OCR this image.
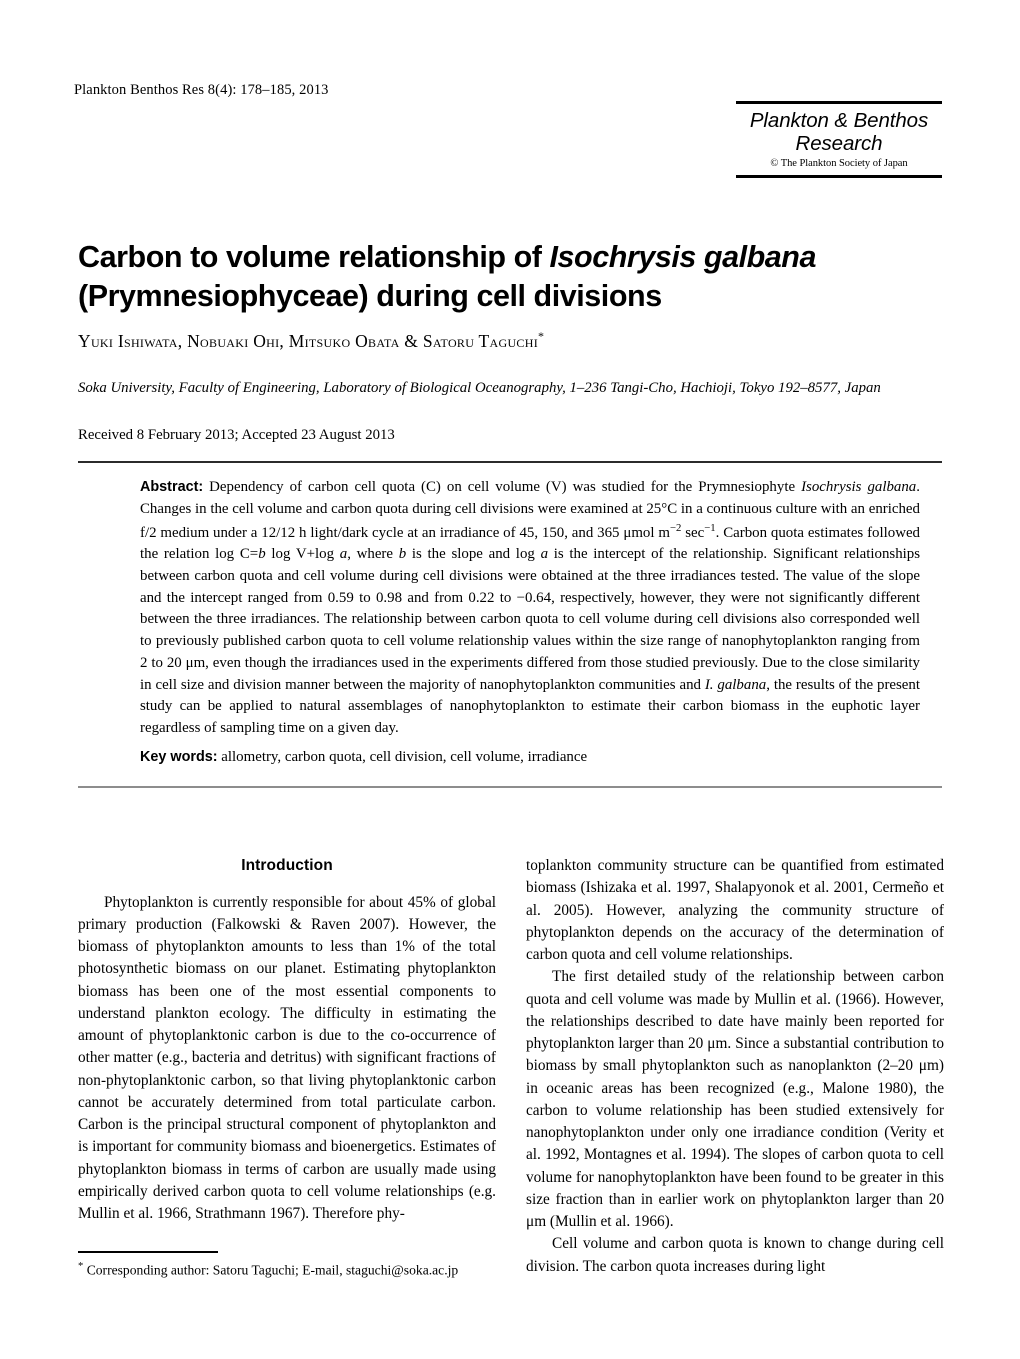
Plankton Benthos Res 8(4): 178–185, 2013
Plankton & Benthos
Research
© The Plankton Society of Japan
Carbon to volume relationship of Isochrysis galbana
(Prymnesiophyceae) during cell divisions
Yuki Ishiwata, Nobuaki Ohi, Mitsuko Obata & Satoru Taguchi*
Soka University, Faculty of Engineering, Laboratory of Biological Oceanography, 1–236 Tangi-Cho, Hachioji, Tokyo 192–8577, Japan
Received 8 February 2013; Accepted 23 August 2013
Abstract: Dependency of carbon cell quota (C) on cell volume (V) was studied for the Prymnesiophyte Isochrysis galbana. Changes in the cell volume and carbon quota during cell divisions were examined at 25°C in a continuous culture with an enriched f/2 medium under a 12/12 h light/dark cycle at an irradiance of 45, 150, and 365 μmol $m^{-2}$ $\sec^{-1}$. Carbon quota estimates followed the relation log C=b log V+log a, where b is the slope and log a is the intercept of the relationship. Significant relationships between carbon quota and cell volume during cell divisions were obtained at the three irradiances tested. The value of the slope and the intercept ranged from 0.59 to 0.98 and from 0.22 to −0.64, respectively, however, they were not significantly different between the three irradiances. The relationship between carbon quota to cell volume during cell divisions also corresponded well to previously published carbon quota to cell volume relationship values within the size range of nanophytoplankton ranging from 2 to 20 μm, even though the irradiances used in the experiments differed from those studied previously. Due to the close similarity in cell size and division manner between the majority of nanophytoplankton communities and I. galbana, the results of the present study can be applied to natural assemblages of nanophytoplankton to estimate their carbon biomass in the euphotic layer regardless of sampling time on a given day.
Key words: allometry, carbon quota, cell division, cell volume, irradiance
Introduction

Phytoplankton is currently responsible for about 45% of global primary production (Falkowski & Raven 2007). However, the biomass of phytoplankton amounts to less than 1% of the total photosynthetic biomass on our planet. Estimating phytoplankton biomass has been one of the most essential components to understand plankton ecology. The difficulty in estimating the amount of phytoplanktonic carbon is due to the co-occurrence of other matter (e.g., bacteria and detritus) with significant fractions of non-phytoplanktonic carbon, so that living phytoplanktonic carbon cannot be accurately determined from total particulate carbon. Carbon is the principal structural component of phytoplankton and is important for community biomass and bioenergetics. Estimates of phytoplankton biomass in terms of carbon are usually made using empirically derived carbon quota to cell volume relationships (e.g. Mullin et al. 1966, Strathmann 1967). Therefore phy-

toplankton community structure can be quantified from estimated biomass (Ishizaka et al. 1997, Shalapyonok et al. 2001, Cermeño et al. 2005). However, analyzing the community structure of phytoplankton depends on the accuracy of the determination of carbon quota and cell volume relationships.

The first detailed study of the relationship between carbon quota and cell volume was made by Mullin et al. (1966). However, the relationships described to date have mainly been reported for phytoplankton larger than 20 μm. Since a substantial contribution to biomass by small phytoplankton such as nanoplankton (2–20 μm) in oceanic areas has been recognized (e.g., Malone 1980), the carbon to volume relationship has been studied extensively for nanophytoplankton under only one irradiance condition (Verity et al. 1992, Montagnes et al. 1994). The slopes of carbon quota to cell volume for nanophytoplankton have been found to be greater in this size fraction than in earlier work on phytoplankton larger than 20 μm (Mullin et al. 1966).

Cell volume and carbon quota is known to change during cell division. The carbon quota increases during light

* Corresponding author: Satoru Taguchi; E-mail, staguchi@soka.ac.jp
